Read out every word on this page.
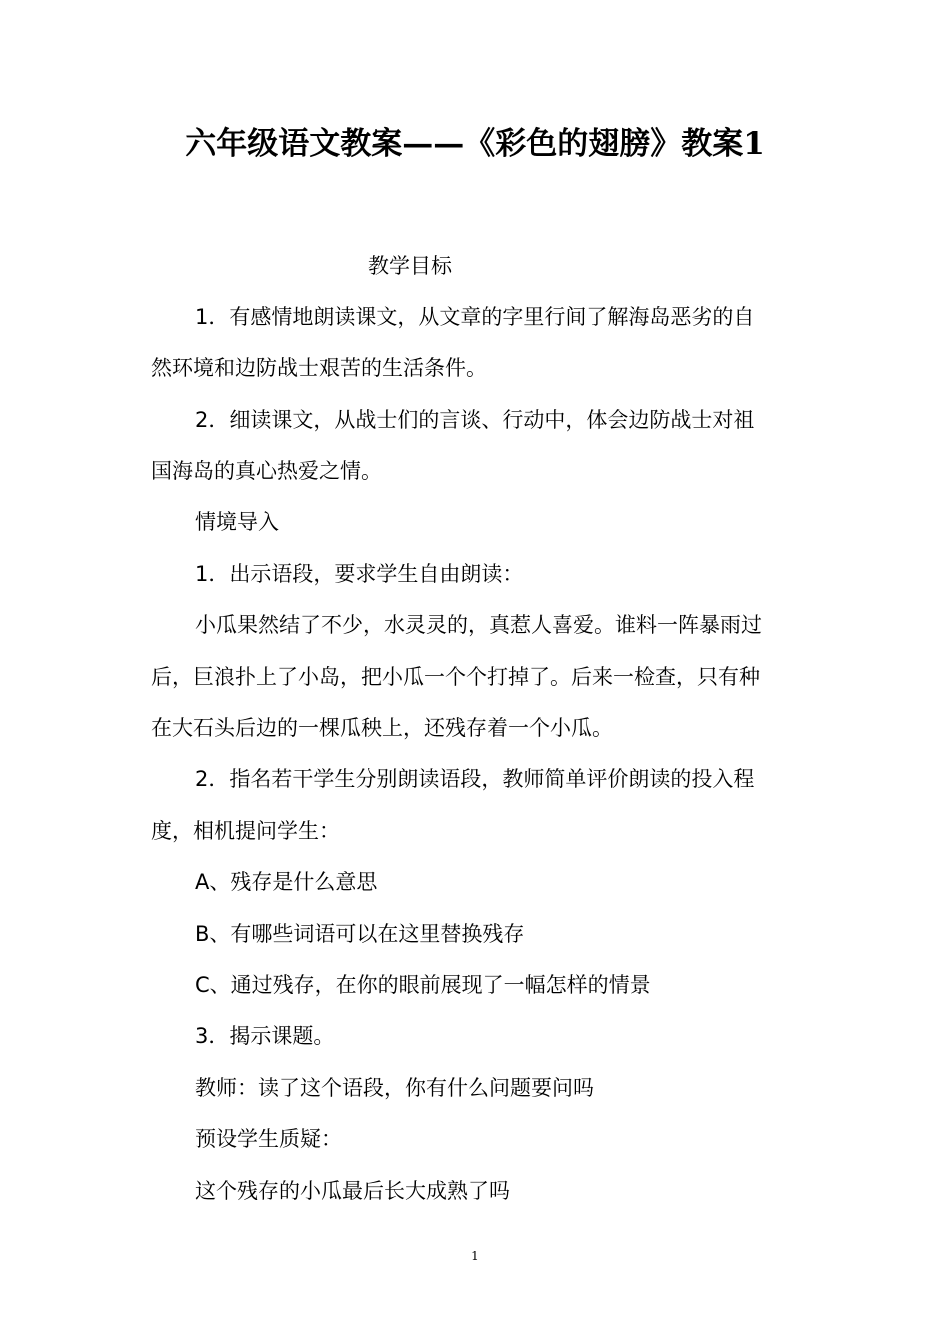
六年级语文教案——《彩色的翅膀》教案1
教学目标
1．有感情地朗读课文，从文章的字里行间了解海岛恶劣的自
然环境和边防战士艰苦的生活条件。
2．细读课文，从战士们的言谈、行动中，体会边防战士对祖
国海岛的真心热爱之情。
情境导入
1．出示语段，要求学生自由朗读：
小瓜果然结了不少，水灵灵的，真惹人喜爱。谁料一阵暴雨过
后，巨浪扑上了小岛，把小瓜一个个打掉了。后来一检查，只有种
在大石头后边的一棵瓜秧上，还残存着一个小瓜。
2．指名若干学生分别朗读语段，教师简单评价朗读的投入程
度，相机提问学生：
A、残存是什么意思
B、有哪些词语可以在这里替换残存
C、通过残存，在你的眼前展现了一幅怎样的情景
3．揭示课题。
教师：读了这个语段，你有什么问题要问吗
预设学生质疑：
这个残存的小瓜最后长大成熟了吗
1
